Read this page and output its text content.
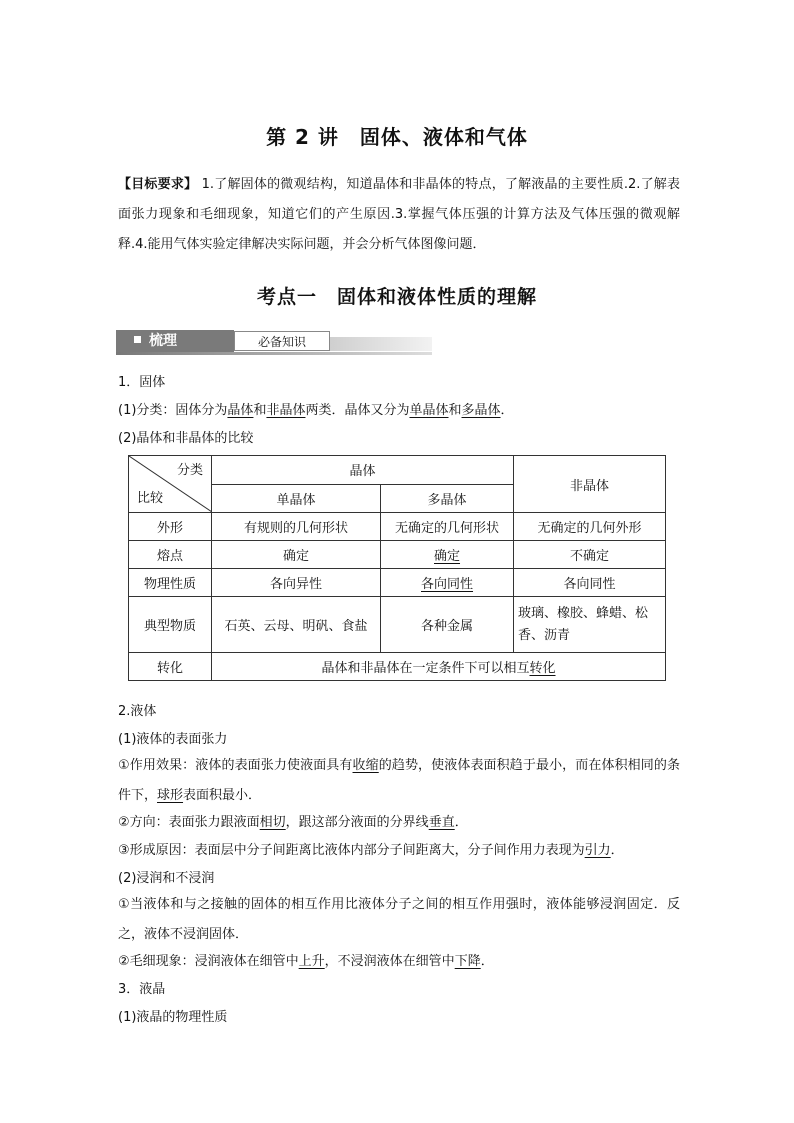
第 2 讲　固体、液体和气体
【目标要求】 1.了解固体的微观结构，知道晶体和非晶体的特点，了解液晶的主要性质.2.了解表面张力现象和毛细现象，知道它们的产生原因.3.掌握气体压强的计算方法及气体压强的微观解释.4.能用气体实验定律解决实际问题，并会分析气体图像问题．
考点一　固体和液体性质的理解
梳理	必备知识
1．固体
(1)分类：固体分为晶体和非晶体两类．晶体又分为单晶体和多晶体．
(2)晶体和非晶体的比较
分类
比较	晶体		非晶体
	单晶体	多晶体	
外形	有规则的几何形状	无确定的几何形状	无确定的几何外形
熔点	确定	确定	不确定
物理性质	各向异性	各向同性	各向同性
典型物质	石英、云母、明矾、食盐	各种金属	玻璃、橡胶、蜂蜡、松香、沥青
转化	晶体和非晶体在一定条件下可以相互转化		
2.液体
(1)液体的表面张力
①作用效果：液体的表面张力使液面具有收缩的趋势，使液体表面积趋于最小，而在体积相同的条件下，球形表面积最小．
②方向：表面张力跟液面相切，跟这部分液面的分界线垂直．
③形成原因：表面层中分子间距离比液体内部分子间距离大，分子间作用力表现为引力．
(2)浸润和不浸润
①当液体和与之接触的固体的相互作用比液体分子之间的相互作用强时，液体能够浸润固定．反之，液体不浸润固体．
②毛细现象：浸润液体在细管中上升，不浸润液体在细管中下降．
3．液晶
(1)液晶的物理性质
